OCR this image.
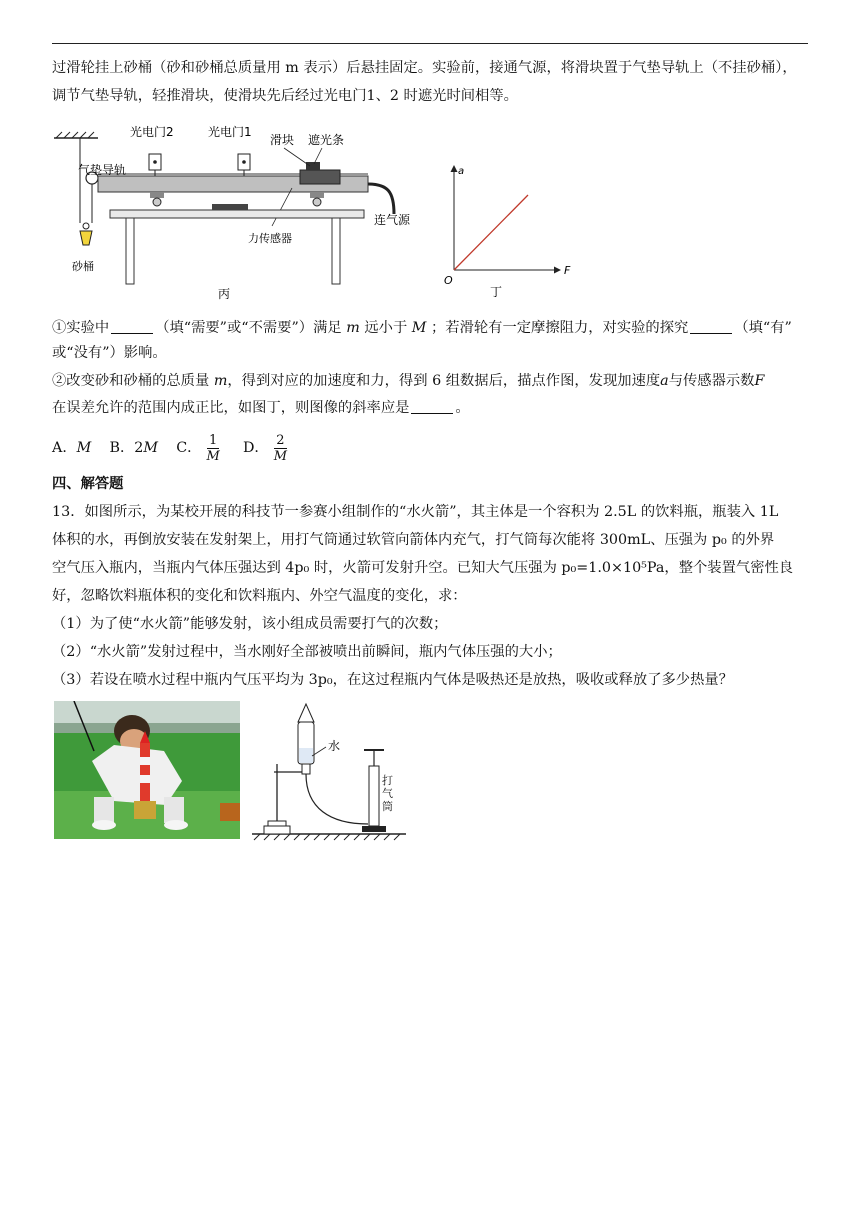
过滑轮挂上砂桶（砂和砂桶总质量用 m 表示）后悬挂固定。实验前，接通气源，将滑块置于气垫导轨上（不挂砂桶），
调节气垫导轨，轻推滑块，使滑块先后经过光电门1、2 时遮光时间相等。
砂桶
气垫导轨
滑块 遮光条
光电门2	光电门1
力传感器
连气源
丙
a
F
O
丁
①实验中	（填“需要”或“不需要”）满足 m 远小于 M ；若滑轮有一定摩擦阻力，对实验的探究	（填“有”
或“没有”）影响。
②改变砂和砂桶的总质量 m，得到对应的加速度和力，得到 6 组数据后，描点作图，发现加速度a与传感器示数F
在误差允许的范围内成正比，如图丁，则图像的斜率应是	。
A．M B．2M C． $\frac{1}{M}$ D． $\frac{2}{M}$
四、解答题
13．如图所示，为某校开展的科技节一参赛小组制作的“水火箭”，其主体是一个容积为 2.5L 的饮料瓶，瓶装入 1L
体积的水，再倒放安装在发射架上，用打气筒通过软管向箭体内充气，打气筒每次能将 300mL、压强为 p₀ 的外界
空气压入瓶内，当瓶内气体压强达到 4p₀ 时，火箭可发射升空。已知大气压强为 p₀=1.0×10⁵Pa，整个装置气密性良
好，忽略饮料瓶体积的变化和饮料瓶内、外空气温度的变化，求：
（1）为了使“水火箭”能够发射，该小组成员需要打气的次数；
（2）“水火箭”发射过程中，当水刚好全部被喷出前瞬间，瓶内气体压强的大小；
（3）若设在喷水过程中瓶内气压平均为 3p₀，在这过程瓶内气体是吸热还是放热，吸收或释放了多少热量？
水
打气筒
